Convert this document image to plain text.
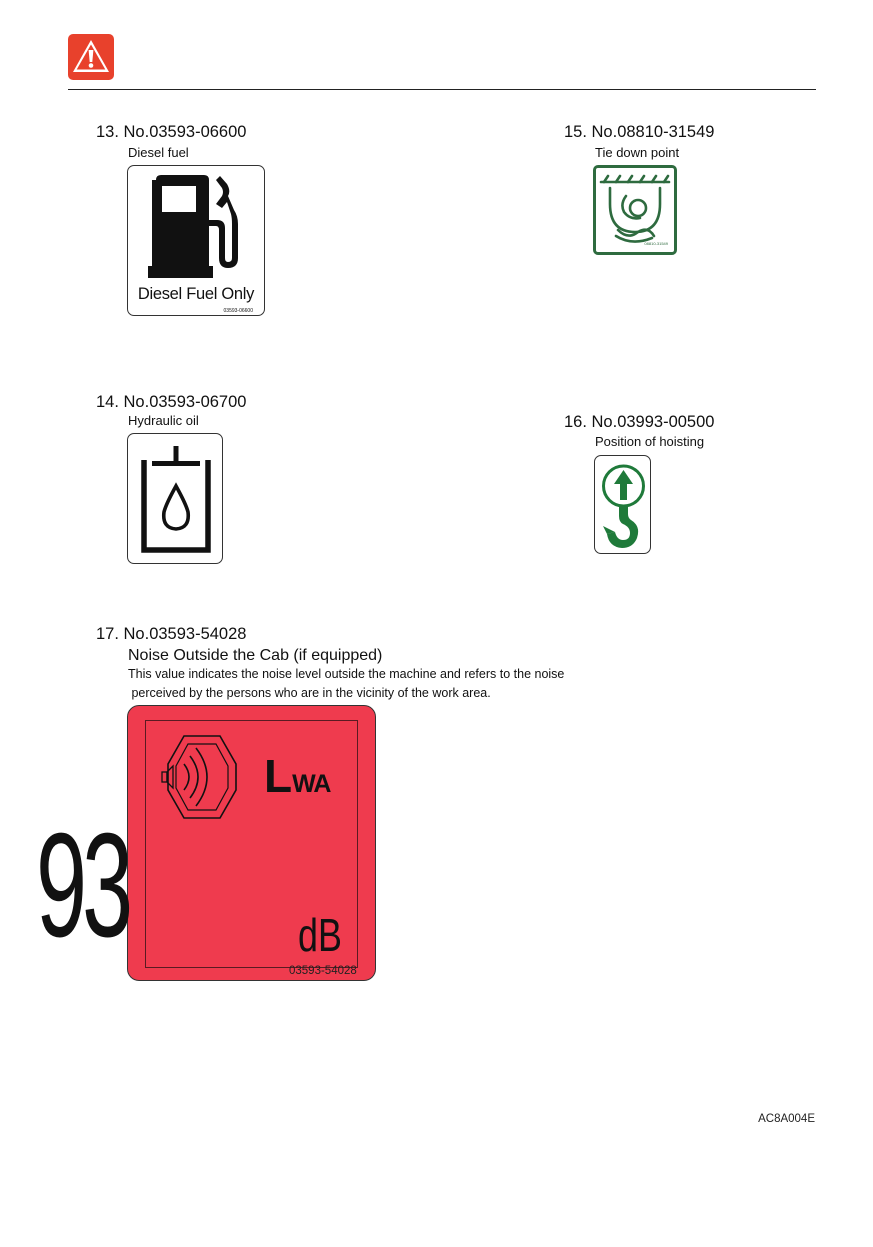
13. No.03593-06600
Diesel fuel
Diesel Fuel Only
03593-06600
15. No.08810-31549
Tie down point
08810-31549
14. No.03593-06700
Hydraulic oil	16. No.03993-00500
Position of hoisting
17. No.03593-54028
Noise Outside the Cab (if equipped)
This value indicates the noise level outside the machine and refers to the noise
perceived by the persons who are in the vicinity of the work area.
LWA
93	dB
03593-54028
AC8A004E
